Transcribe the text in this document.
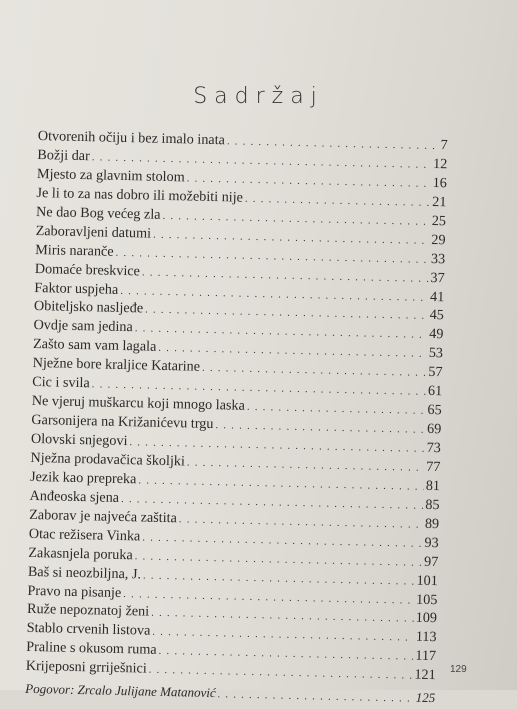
Sadržaj
Otvorenih očiju i bez imalo inata . . .	7
Božji dar . . .	12
Mjesto za glavnim stolom . . .	16
Je li to za nas dobro ili možebiti nije . . .	21
Ne dao Bog većeg zla . . .	25
Zaboravljeni datumi . . .	29
Miris naranče . . .	33
Domaće breskvice . . .	37
Faktor uspjeha . . .	41
Obiteljsko nasljeđe . . .	45
Ovdje sam jedina . . .	49
Zašto sam vam lagala . . .	53
Nježne bore kraljice Katarine . . .	57
Cic i svila . . .	61
Ne vjeruj muškarcu koji mnogo laska . . .	65
Garsonijera na Križanićevu trgu . . .	69
Olovski snjegovi . . .	73
Nježna prodavačica školjki . . .	77
Jezik kao prepreka . . .	81
Anđeoska sjena . . .	85
Zaborav je najveća zaštita . . .	89
Otac režisera Vinka . . .	93
Zakasnjela poruka . . .	97
Baš si neozbiljna, J. . . .	101
Pravo na pisanje . . .	105
Ruže nepoznatoj ženi . . .	109
Stablo crvenih listova . . .	113
Praline s okusom ruma . . .	117
Krijeposni grriješnici . . .	121
Pogovor: Zrcalo Julijane Matanović . . .	125
129
